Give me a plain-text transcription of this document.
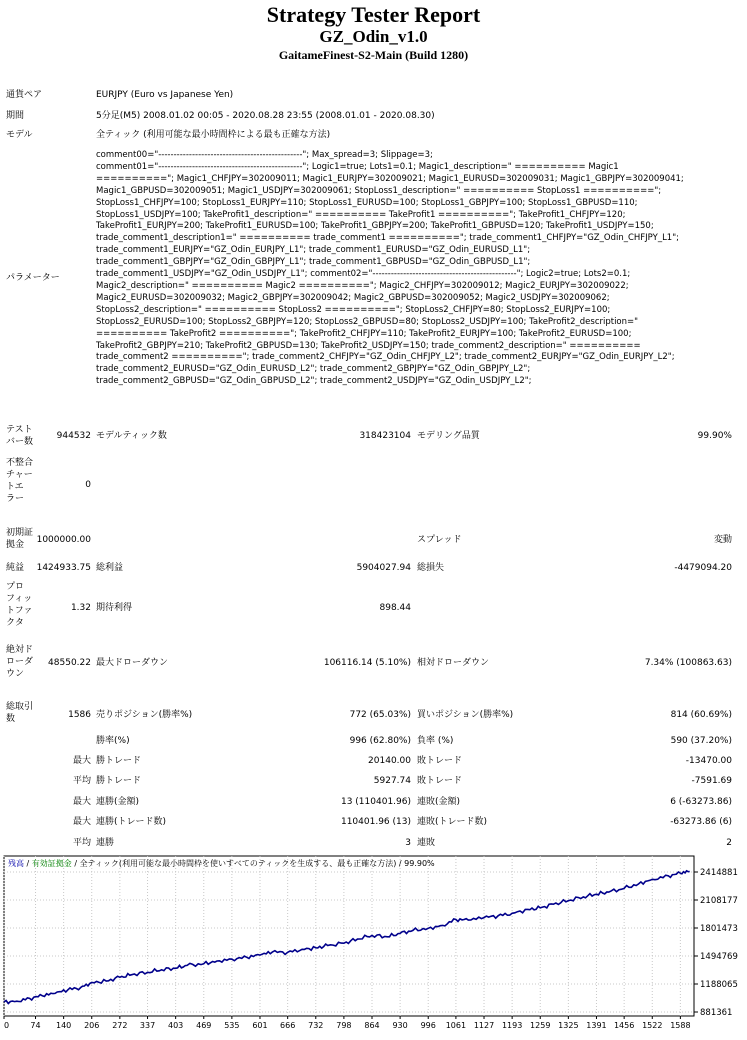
Strategy Tester Report
GZ_Odin_v1.0
GaitameFinest-S2-Main (Build 1280)
通貨ペア	EURJPY (Euro vs Japanese Yen)
期間	5分足(M5) 2008.01.02 00:05 - 2020.08.28 23:55 (2008.01.01 - 2020.08.30)
モデル	全ティック (利用可能な最小時間枠による最も正確な方法)
パラメーター
comment00="-----------------------------------------------"; Max_spread=3; Slippage=3;
comment01="-----------------------------------------------"; Logic1=true; Lots1=0.1; Magic1_description=" ========== Magic1
=========="; Magic1_CHFJPY=302009011; Magic1_EURJPY=302009021; Magic1_EURUSD=302009031; Magic1_GBPJPY=302009041;
Magic1_GBPUSD=302009051; Magic1_USDJPY=302009061; StopLoss1_description=" ========== StopLoss1 ==========";
StopLoss1_CHFJPY=100; StopLoss1_EURJPY=110; StopLoss1_EURUSD=100; StopLoss1_GBPJPY=100; StopLoss1_GBPUSD=110;
StopLoss1_USDJPY=100; TakeProfit1_description=" ========== TakeProfit1 =========="; TakeProfit1_CHFJPY=120;
TakeProfit1_EURJPY=200; TakeProfit1_EURUSD=100; TakeProfit1_GBPJPY=200; TakeProfit1_GBPUSD=120; TakeProfit1_USDJPY=150;
trade_comment1_description1=" ========== trade_comment1 =========="; trade_comment1_CHFJPY="GZ_Odin_CHFJPY_L1";
trade_comment1_EURJPY="GZ_Odin_EURJPY_L1"; trade_comment1_EURUSD="GZ_Odin_EURUSD_L1";
trade_comment1_GBPJPY="GZ_Odin_GBPJPY_L1"; trade_comment1_GBPUSD="GZ_Odin_GBPUSD_L1";
trade_comment1_USDJPY="GZ_Odin_USDJPY_L1"; comment02="-----------------------------------------------"; Logic2=true; Lots2=0.1;
Magic2_description=" ========== Magic2 =========="; Magic2_CHFJPY=302009012; Magic2_EURJPY=302009022;
Magic2_EURUSD=302009032; Magic2_GBPJPY=302009042; Magic2_GBPUSD=302009052; Magic2_USDJPY=302009062;
StopLoss2_description=" ========== StopLoss2 =========="; StopLoss2_CHFJPY=80; StopLoss2_EURJPY=100;
StopLoss2_EURUSD=100; StopLoss2_GBPJPY=120; StopLoss2_GBPUSD=80; StopLoss2_USDJPY=100; TakeProfit2_description="
========== TakeProfit2 =========="; TakeProfit2_CHFJPY=110; TakeProfit2_EURJPY=100; TakeProfit2_EURUSD=100;
TakeProfit2_GBPJPY=210; TakeProfit2_GBPUSD=130; TakeProfit2_USDJPY=150; trade_comment2_description=" ==========
trade_comment2 =========="; trade_comment2_CHFJPY="GZ_Odin_CHFJPY_L2"; trade_comment2_EURJPY="GZ_Odin_EURJPY_L2";
trade_comment2_EURUSD="GZ_Odin_EURUSD_L2"; trade_comment2_GBPJPY="GZ_Odin_GBPJPY_L2";
trade_comment2_GBPUSD="GZ_Odin_GBPUSD_L2"; trade_comment2_USDJPY="GZ_Odin_USDJPY_L2";
テスト
バー数
944532 モデルティック数	318423104 モデリング品質	99.90%
不整合
チャー
トエ
ラー
0
初期証
拠金	1000000.00	スプレッド	変動
純益	1424933.75 総利益	5904027.94 総損失	-4479094.20
プロ
フィッ
トファ
クタ
1.32 期待利得	898.44
絶対ド
ローダ
ウン
48550.22 最大ドローダウン	106116.14 (5.10%) 相対ドローダウン	7.34% (100863.63)
総取引
数	1586 売りポジション(勝率%)	772 (65.03%) 買いポジション(勝率%)	814 (60.69%)
勝率(%)	996 (62.80%) 負率 (%)	590 (37.20%)
最大 勝トレード	20140.00 敗トレード	-13470.00
平均 勝トレード	5927.74 敗トレード	-7591.69
最大 連勝(金額)	13 (110401.96) 連敗(金額)	6 (-63273.86)
最大 連勝(トレード数)	110401.96 (13) 連敗(トレード数)	-63273.86 (6)
平均 連勝	3 連敗	2
残高 / 有効証拠金 / 全ティック(利用可能な最小時間枠を使いすべてのティックを生成する、最も正確な方法) / 99.90%
2414881
2108177
1801473
1494769
1188065
881361
0	74 140 206 272 337 403 469 535 601 666 732 798 864 930 996 1061 1127 1193 1259 1325 1391 1456 1522 1588
